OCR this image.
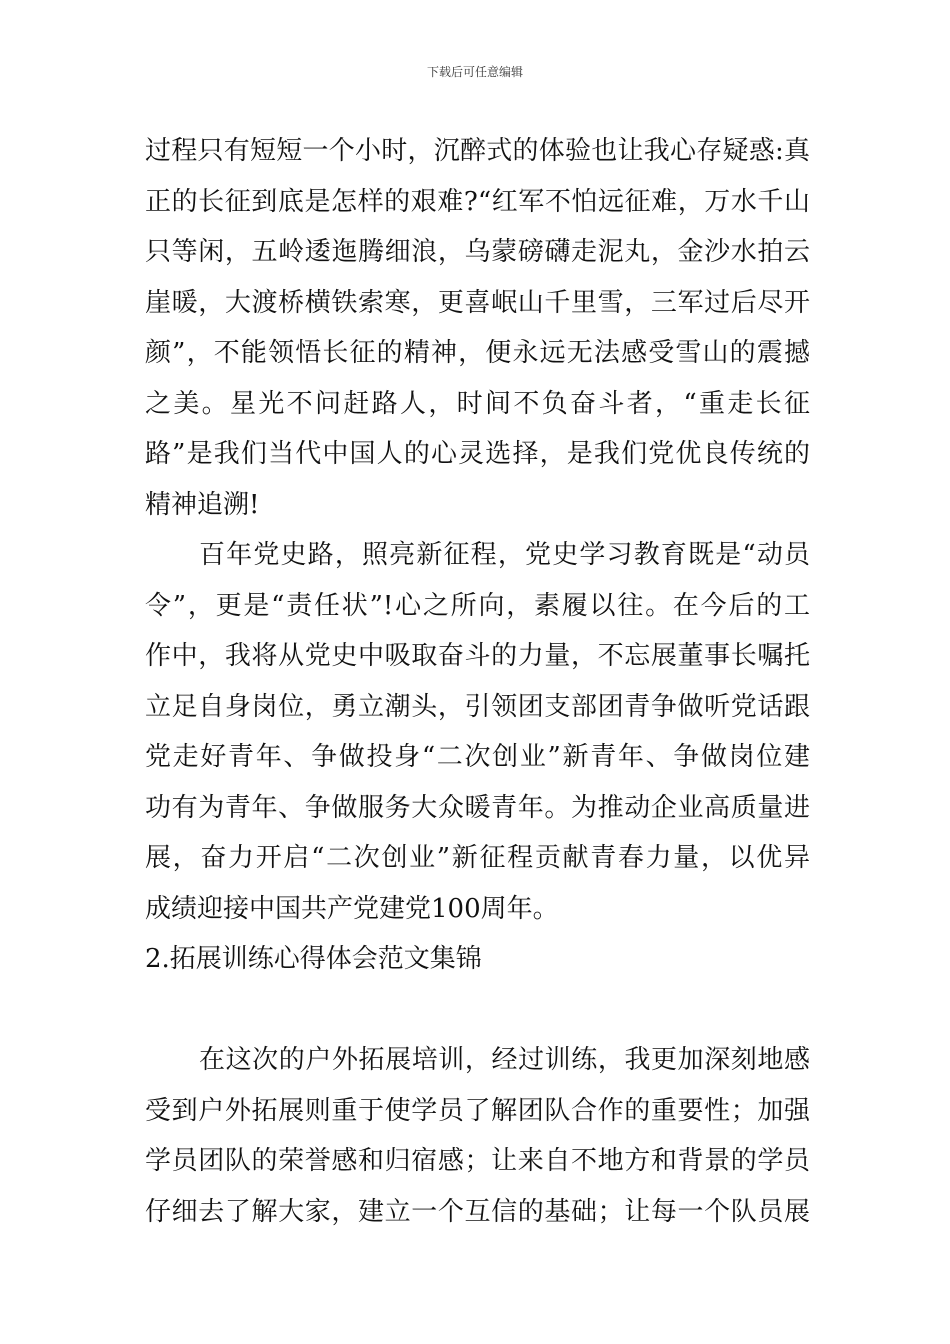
下载后可任意编辑
过程只有短短一个小时，沉醉式的体验也让我心存疑惑:真
正的长征到底是怎样的艰难?“红军不怕远征难，万水千山
只等闲，五岭逶迤腾细浪，乌蒙磅礴走泥丸，金沙水拍云
崖暖，大渡桥横铁索寒，更喜岷山千里雪，三军过后尽开
颜”，不能领悟长征的精神，便永远无法感受雪山的震撼
之美。星光不问赶路人，时间不负奋斗者，“重走长征
路”是我们当代中国人的心灵选择，是我们党优良传统的
精神追溯!
百年党史路，照亮新征程，党史学习教育既是“动员
令”，更是“责任状”!心之所向，素履以往。在今后的工
作中，我将从党史中吸取奋斗的力量，不忘展董事长嘱托
立足自身岗位，勇立潮头，引领团支部团青争做听党话跟
党走好青年、争做投身“二次创业”新青年、争做岗位建
功有为青年、争做服务大众暖青年。为推动企业高质量进
展，奋力开启“二次创业”新征程贡献青春力量，以优异
成绩迎接中国共产党建党100周年。
2.拓展训练心得体会范文集锦
在这次的户外拓展培训，经过训练，我更加深刻地感
受到户外拓展则重于使学员了解团队合作的重要性；加强
学员团队的荣誉感和归宿感；让来自不地方和背景的学员
仔细去了解大家，建立一个互信的基础；让每一个队员展
